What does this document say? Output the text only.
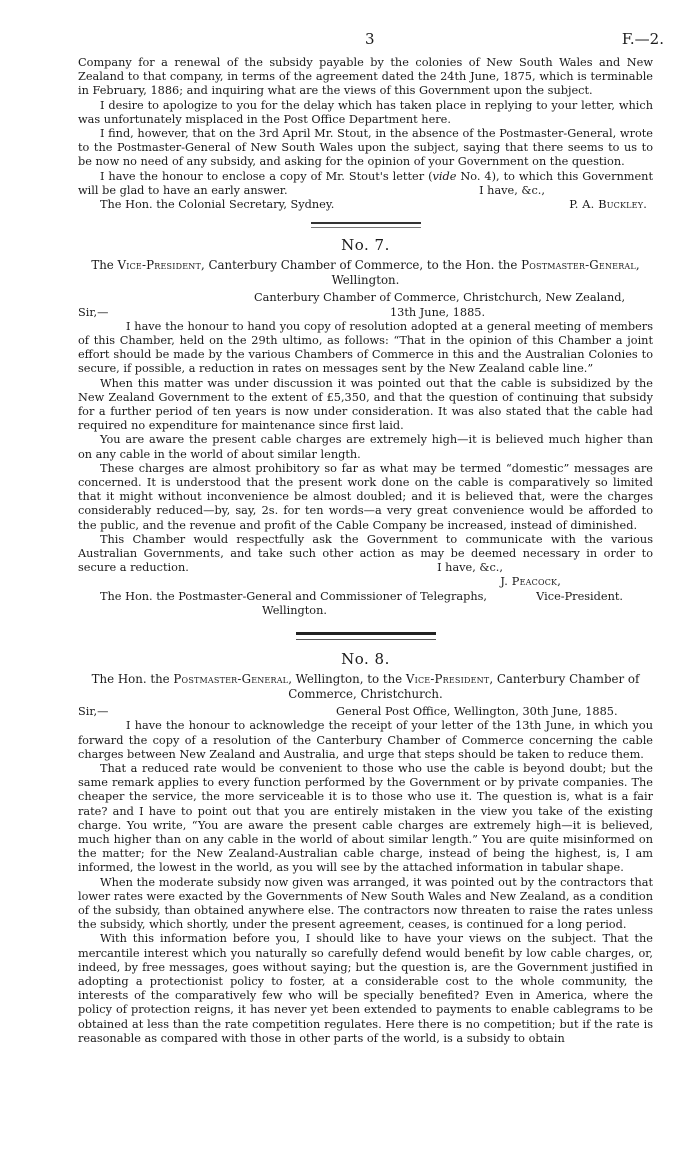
3	F.—2.

Company for a renewal of the subsidy payable by the colonies of New South Wales and New Zealand to that company, in terms of the agreement dated the 24th June, 1875, which is terminable in February, 1886; and inquiring what are the views of this Government upon the subject.

I desire to apologize to you for the delay which has taken place in replying to your letter, which was unfortunately misplaced in the Post Office Department here.

I find, however, that on the 3rd April Mr. Stout, in the absence of the Postmaster-General, wrote to the Postmaster-General of New South Wales upon the subject, saying that there seems to us to be now no need of any subsidy, and asking for the opinion of your Government on the question.

I have the honour to enclose a copy of Mr. Stout's letter (vide No. 4), to which this Government will be glad to have an early answer.	I have, &c.,
The Hon. the Colonial Secretary, Sydney.	P. A. Buckley.
No. 7.
The Vice-President, Canterbury Chamber of Commerce, to the Hon. the Postmaster-General, Wellington.
Canterbury Chamber of Commerce, Christchurch, New Zealand,
Sir,—	13th June, 1885.

I have the honour to hand you copy of resolution adopted at a general meeting of members of this Chamber, held on the 29th ultimo, as follows: “That in the opinion of this Chamber a joint effort should be made by the various Chambers of Commerce in this and the Australian Colonies to secure, if possible, a reduction in rates on messages sent by the New Zealand cable line.”

When this matter was under discussion it was pointed out that the cable is subsidized by the New Zealand Government to the extent of £5,350, and that the question of continuing that subsidy for a further period of ten years is now under consideration. It was also stated that the cable had required no expenditure for maintenance since first laid.

You are aware the present cable charges are extremely high—it is believed much higher than on any cable in the world of about similar length.

These charges are almost prohibitory so far as what may be termed “domestic” messages are concerned. It is understood that the present work done on the cable is comparatively so limited that it might without inconvenience be almost doubled; and it is believed that, were the charges considerably reduced—by, say, 2s. for ten words—a very great convenience would be afforded to the public, and the revenue and profit of the Cable Company be increased, instead of diminished.

This Chamber would respectfully ask the Government to communicate with the various Australian Governments, and take such other action as may be deemed necessary in order to secure a reduction.	I have, &c.,
J. Peacock,
The Hon. the Postmaster-General and Commissioner of Telegraphs,	Vice-President.
Wellington.
No. 8.
The Hon. the Postmaster-General, Wellington, to the Vice-President, Canterbury Chamber of Commerce, Christchurch.
Sir,—	General Post Office, Wellington, 30th June, 1885.

I have the honour to acknowledge the receipt of your letter of the 13th June, in which you forward the copy of a resolution of the Canterbury Chamber of Commerce concerning the cable charges between New Zealand and Australia, and urge that steps should be taken to reduce them.

That a reduced rate would be convenient to those who use the cable is beyond doubt; but the same remark applies to every function performed by the Government or by private companies. The cheaper the service, the more serviceable it is to those who use it. The question is, what is a fair rate? and I have to point out that you are entirely mistaken in the view you take of the existing charge. You write, “You are aware the present cable charges are extremely high—it is believed, much higher than on any cable in the world of about similar length.” You are quite misinformed on the matter; for the New Zealand-Australian cable charge, instead of being the highest, is, I am informed, the lowest in the world, as you will see by the attached information in tabular shape.

When the moderate subsidy now given was arranged, it was pointed out by the contractors that lower rates were exacted by the Governments of New South Wales and New Zealand, as a condition of the subsidy, than obtained anywhere else. The contractors now threaten to raise the rates unless the subsidy, which shortly, under the present agreement, ceases, is continued for a long period.

With this information before you, I should like to have your views on the subject. That the mercantile interest which you naturally so carefully defend would benefit by low cable charges, or, indeed, by free messages, goes without saying; but the question is, are the Government justified in adopting a protectionist policy to foster, at a considerable cost to the whole community, the interests of the comparatively few who will be specially benefited? Even in America, where the policy of protection reigns, it has never yet been extended to payments to enable cablegrams to be obtained at less than the rate competition regulates. Here there is no competition; but if the rate is reasonable as compared with those in other parts of the world, is a subsidy to obtain
